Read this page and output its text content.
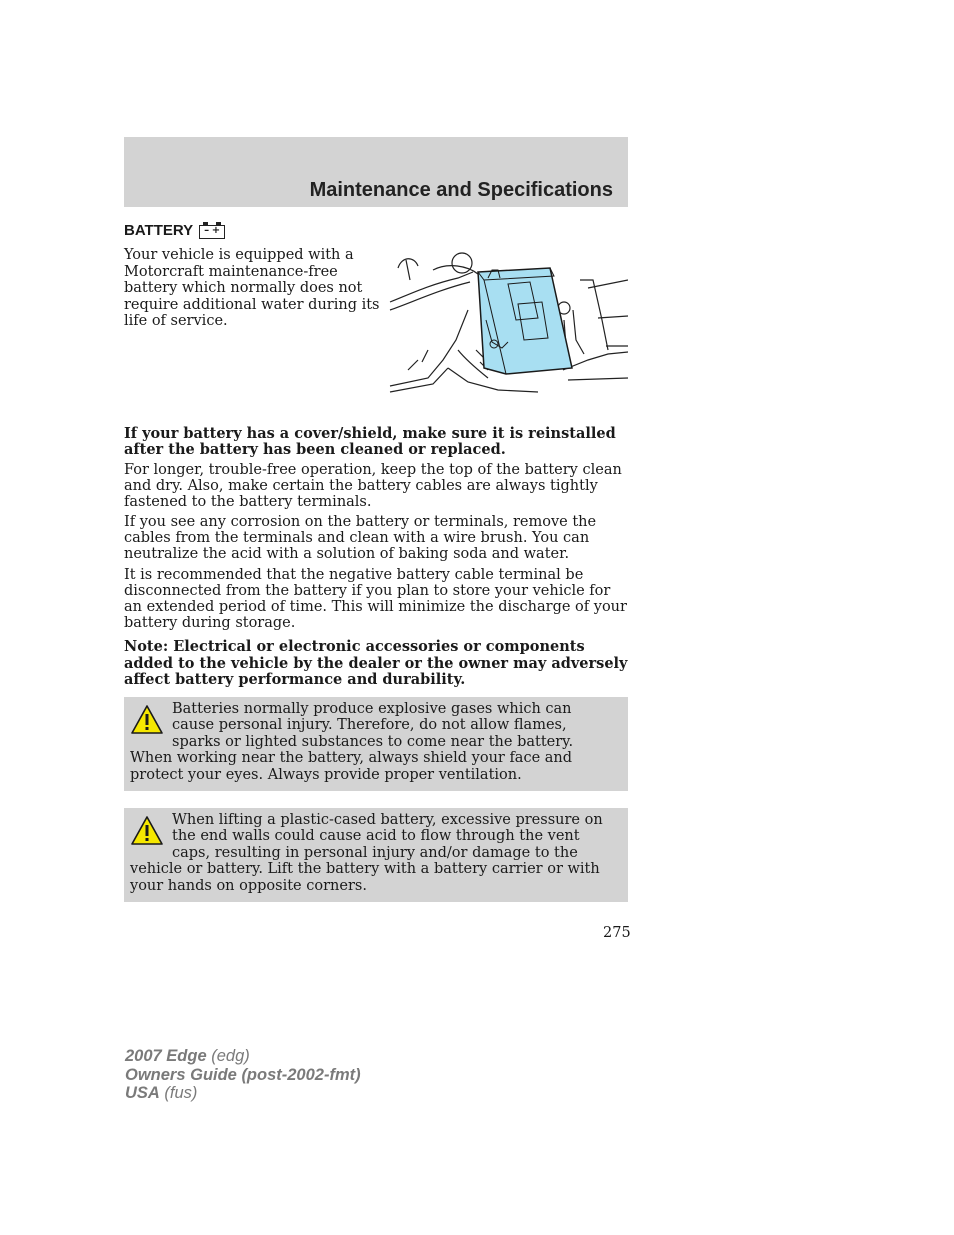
Maintenance and Specifications
BATTERY – +
Your vehicle is equipped with a Motorcraft maintenance-free battery which normally does not require additional water during its life of service.

If your battery has a cover/shield, make sure it is reinstalled after the battery has been cleaned or replaced.

For longer, trouble-free operation, keep the top of the battery clean and dry. Also, make certain the battery cables are always tightly fastened to the battery terminals.

If you see any corrosion on the battery or terminals, remove the cables from the terminals and clean with a wire brush. You can neutralize the acid with a solution of baking soda and water.

It is recommended that the negative battery cable terminal be disconnected from the battery if you plan to store your vehicle for an extended period of time. This will minimize the discharge of your battery during storage.

Note: Electrical or electronic accessories or components added to the vehicle by the dealer or the owner may adversely affect battery performance and durability.

Batteries normally produce explosive gases which can cause personal injury. Therefore, do not allow flames, sparks or lighted substances to come near the battery. When working near the battery, always shield your face and protect your eyes. Always provide proper ventilation.
When lifting a plastic-cased battery, excessive pressure on the end walls could cause acid to flow through the vent caps, resulting in personal injury and/or damage to the vehicle or battery. Lift the battery with a battery carrier or with your hands on opposite corners.
275
2007 Edge (edg)
Owners Guide (post-2002-fmt)
USA (fus)
